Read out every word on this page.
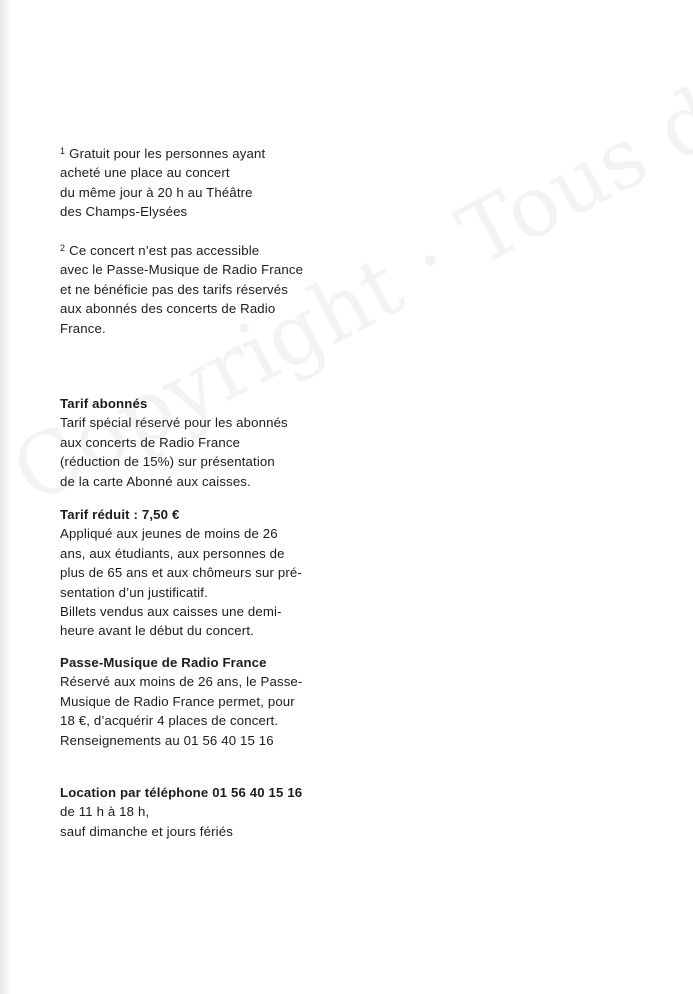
$^1$ Gratuit pour les personnes ayant
acheté une place au concert
du même jour à 20 h au Théâtre
des Champs-Elysées
$^2$ Ce concert n’est pas accessible
avec le Passe-Musique de Radio France
et ne bénéficie pas des tarifs réservés
aux abonnés des concerts de Radio
France.
Tarif abonnés
Tarif spécial réservé pour les abonnés
aux concerts de Radio France
(réduction de 15%) sur présentation
de la carte Abonné aux caisses.
Tarif réduit : 7,50 €
Appliqué aux jeunes de moins de 26
ans, aux étudiants, aux personnes de
plus de 65 ans et aux chômeurs sur pré-
sentation d’un justificatif.
Billets vendus aux caisses une demi-
heure avant le début du concert.
Passe-Musique de Radio France
Réservé aux moins de 26 ans, le Passe-
Musique de Radio France permet, pour
18 €, d’acquérir 4 places de concert.
Renseignements au 01 56 40 15 16
Location par téléphone 01 56 40 15 16
de 11 h à 18 h,
sauf dimanche et jours fériés
